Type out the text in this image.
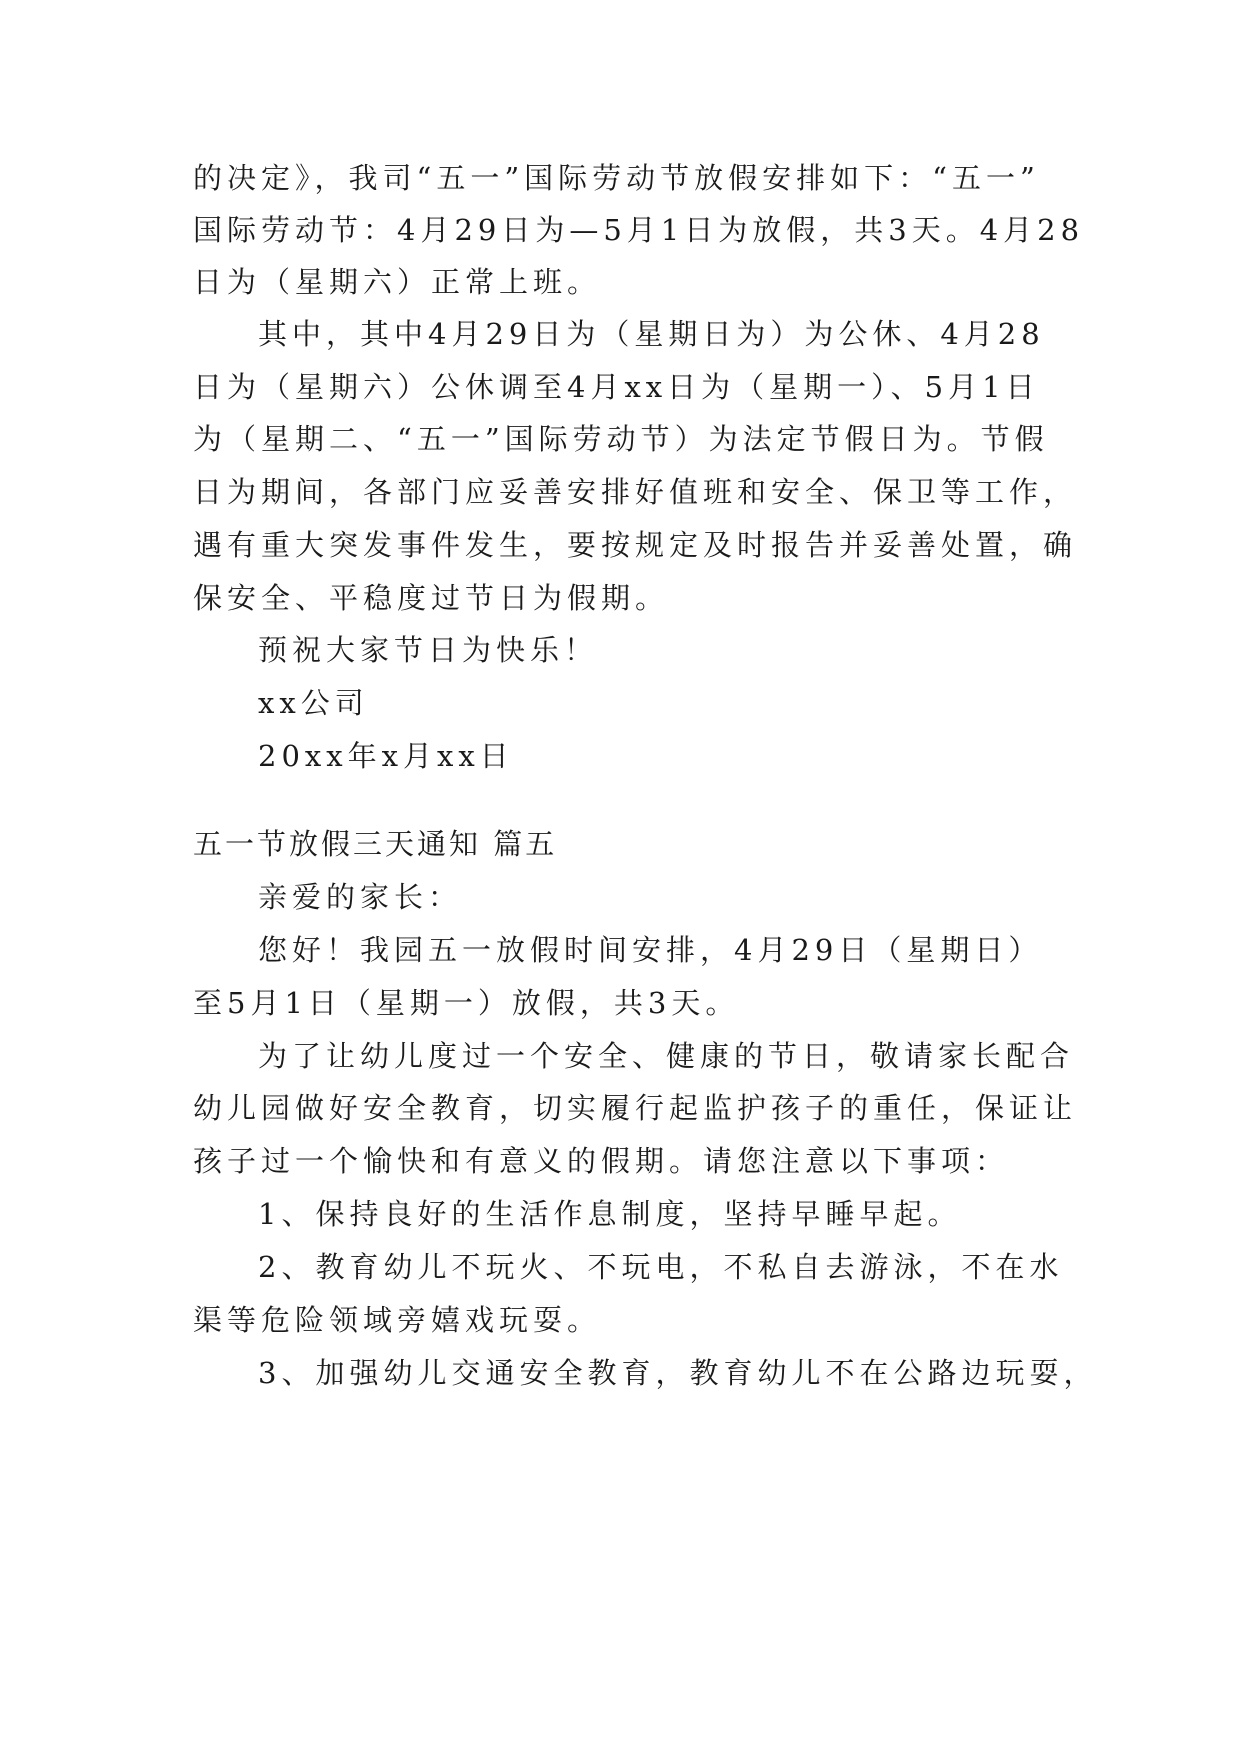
的决定》，我司“五一”国际劳动节放假安排如下：“五一”
国际劳动节：4月29日为—5月1日为放假，共3天。4月28
日为（星期六）正常上班。
其中，其中4月29日为（星期日为）为公休、4月28
日为（星期六）公休调至4月xx日为（星期一）、5月1日
为（星期二、“五一”国际劳动节）为法定节假日为。节假
日为期间，各部门应妥善安排好值班和安全、保卫等工作，
遇有重大突发事件发生，要按规定及时报告并妥善处置，确
保安全、平稳度过节日为假期。
预祝大家节日为快乐！
xx公司
20xx年x月xx日
五一节放假三天通知 篇五
亲爱的家长：
您好！我园五一放假时间安排，4月29日（星期日）
至5月1日（星期一）放假，共3天。
为了让幼儿度过一个安全、健康的节日，敬请家长配合
幼儿园做好安全教育，切实履行起监护孩子的重任，保证让
孩子过一个愉快和有意义的假期。请您注意以下事项：
1、保持良好的生活作息制度，坚持早睡早起。
2、教育幼儿不玩火、不玩电，不私自去游泳，不在水
渠等危险领域旁嬉戏玩耍。
3、加强幼儿交通安全教育，教育幼儿不在公路边玩耍，
